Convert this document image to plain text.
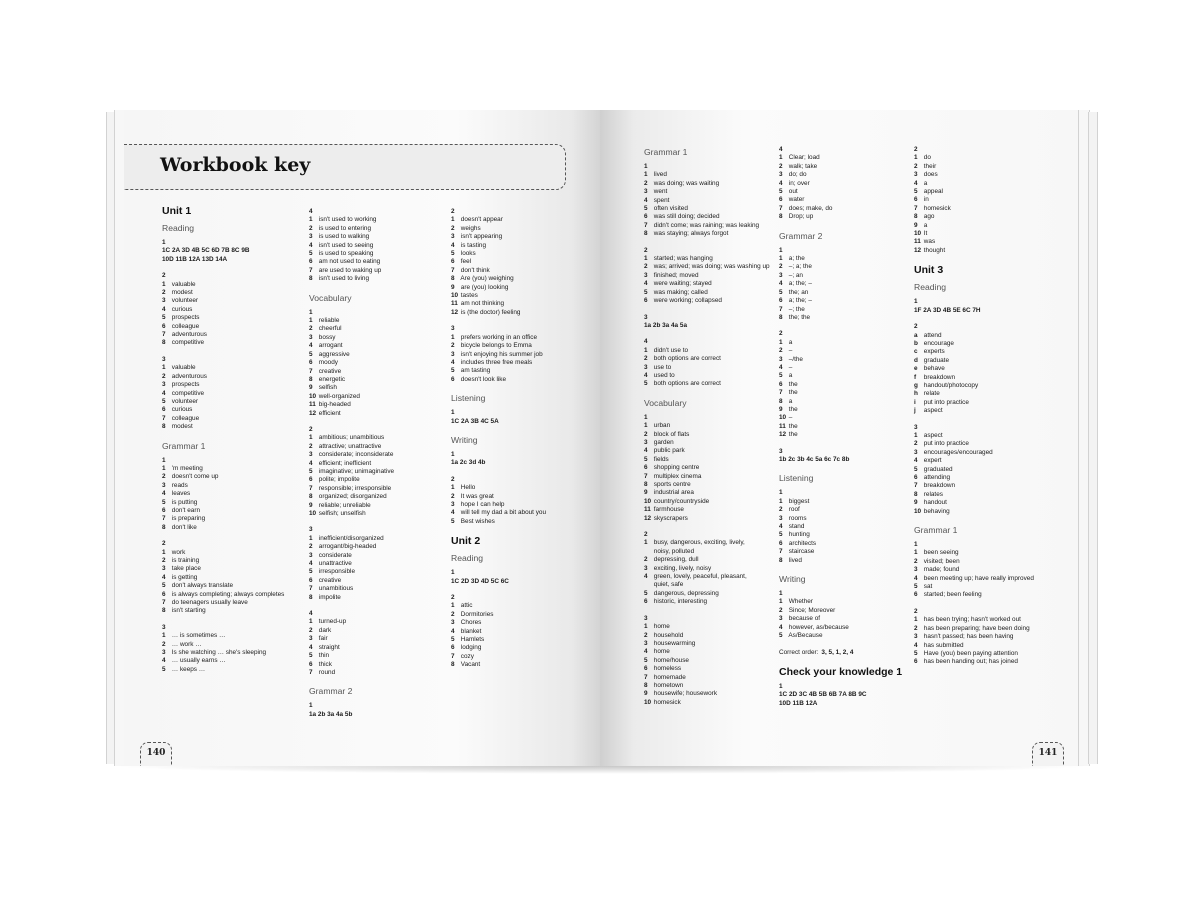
Workbook key
Unit 1
Reading
1
1C 2A 3D 4B 5C 6D 7B 8C 9B
10D 11B 12A 13D 14A
2
1 valuable
2 modest
3 volunteer
4 curious
5 prospects
6 colleague
7 adventurous
8 competitive
3
1 valuable
2 adventurous
3 prospects
4 competitive
5 volunteer
6 curious
7 colleague
8 modest
Grammar 1
1
1 'm meeting
2 doesn't come up
3 reads
4 leaves
5 is putting
6 don't earn
7 is preparing
8 don't like
2
1 work
2 is training
3 take place
4 is getting
5 don't always translate
6 is always completing; always completes
7 do teenagers usually leave
8 isn't starting
3
1 … is sometimes …
2 … work …
3 Is she watching … she's sleeping
4 … usually earns …
5 … keeps …
4
1 isn't used to working
2 is used to entering
3 is used to walking
4 isn't used to seeing
5 is used to speaking
6 am not used to eating
7 are used to waking up
8 isn't used to living
Vocabulary
1
1 reliable
2 cheerful
3 bossy
4 arrogant
5 aggressive
6 moody
7 creative
8 energetic
9 selfish
10 well-organized
11 big-headed
12 efficient
2
1 ambitious; unambitious
2 attractive; unattractive
3 considerate; inconsiderate
4 efficient; inefficient
5 imaginative; unimaginative
6 polite; impolite
7 responsible; irresponsible
8 organized; disorganized
9 reliable; unreliable
10 selfish; unselfish
3
1 inefficient/disorganized
2 arrogant/big-headed
3 considerate
4 unattractive
5 irresponsible
6 creative
7 unambitious
8 impolite
4
1 turned-up
2 dark
3 fair
4 straight
5 thin
6 thick
7 round
Grammar 2
1
1a 2b 3a 4a 5b
2
1 doesn't appear
2 weighs
3 isn't appearing
4 is tasting
5 looks
6 feel
7 don't think
8 Are (you) weighing
9 are (you) looking
10 tastes
11 am not thinking
12 is (the doctor) feeling
3
1 prefers working in an office
2 bicycle belongs to Emma
3 isn't enjoying his summer job
4 includes three free meals
5 am tasting
6 doesn't look like
Listening
1
1C 2A 3B 4C 5A
Writing
1
1a 2c 3d 4b
2
1 Hello
2 It was great
3 hope I can help
4 will tell my dad a bit about you
5 Best wishes
Unit 2
Reading
1
1C 2D 3D 4D 5C 6C
2
1 attic
2 Dormitories
3 Chores
4 blanket
5 Hamlets
6 lodging
7 cozy
8 Vacant
140
Grammar 1
1
1 lived
2 was doing; was waiting
3 went
4 spent
5 often visited
6 was still doing; decided
7 didn't come; was raining; was leaking
8 was staying; always forgot
2
1 started; was hanging
2 was; arrived; was doing; was washing up
3 finished; moved
4 were waiting; stayed
5 was making; called
6 were working; collapsed
3
1a 2b 3a 4a 5a
4
1 didn't use to
2 both options are correct
3 use to
4 used to
5 both options are correct
Vocabulary
1
1 urban
2 block of flats
3 garden
4 public park
5 fields
6 shopping centre
7 multiplex cinema
8 sports centre
9 industrial area
10 country/countryside
11 farmhouse
12 skyscrapers
2
1 busy, dangerous, exciting, lively,
noisy, polluted
2 depressing, dull
3 exciting, lively, noisy
4 green, lovely, peaceful, pleasant,
quiet, safe
5 dangerous, depressing
6 historic, interesting
3
1 home
2 household
3 housewarming
4 home
5 home/house
6 homeless
7 homemade
8 hometown
9 housewife; housework
10 homesick
4
1 Clear; load
2 walk; take
3 do; do
4 in; over
5 out
6 water
7 does; make, do
8 Drop; up
Grammar 2
1
1 a; the
2 –; a; the
3 –; an
4 a; the; –
5 the; an
6 a; the; –
7 –; the
8 the; the
2
1 a
2 –
3 –/the
4 –
5 a
6 the
7 the
8 a
9 the
10 –
11 the
12 the
3
1b 2c 3b 4c 5a 6c 7c 8b
Listening
1
1 biggest
2 roof
3 rooms
4 stand
5 hunting
6 architects
7 staircase
8 lived
Writing
1
1 Whether
2 Since; Moreover
3 because of
4 however, as/because
5 As/Because
Correct order: 3, 5, 1, 2, 4
Check your knowledge 1
1
1C 2D 3C 4B 5B 6B 7A 8B 9C
10D 11B 12A
2
1 do
2 their
3 does
4 a
5 appeal
6 in
7 homesick
8 ago
9 a
10 It
11 was
12 thought
Unit 3
Reading
1
1F 2A 3D 4B 5E 6C 7H
2
a attend
b encourage
c experts
d graduate
e behave
f breakdown
g handout/photocopy
h relate
i put into practice
j aspect
3
1 aspect
2 put into practice
3 encourages/encouraged
4 expert
5 graduated
6 attending
7 breakdown
8 relates
9 handout
10 behaving
Grammar 1
1
1 been seeing
2 visited; been
3 made; found
4 been meeting up; have really improved
5 sat
6 started; been feeling
2
1 has been trying; hasn't worked out
2 has been preparing; have been doing
3 hasn't passed; has been having
4 has submitted
5 Have (you) been paying attention
6 has been handing out; has joined
141
